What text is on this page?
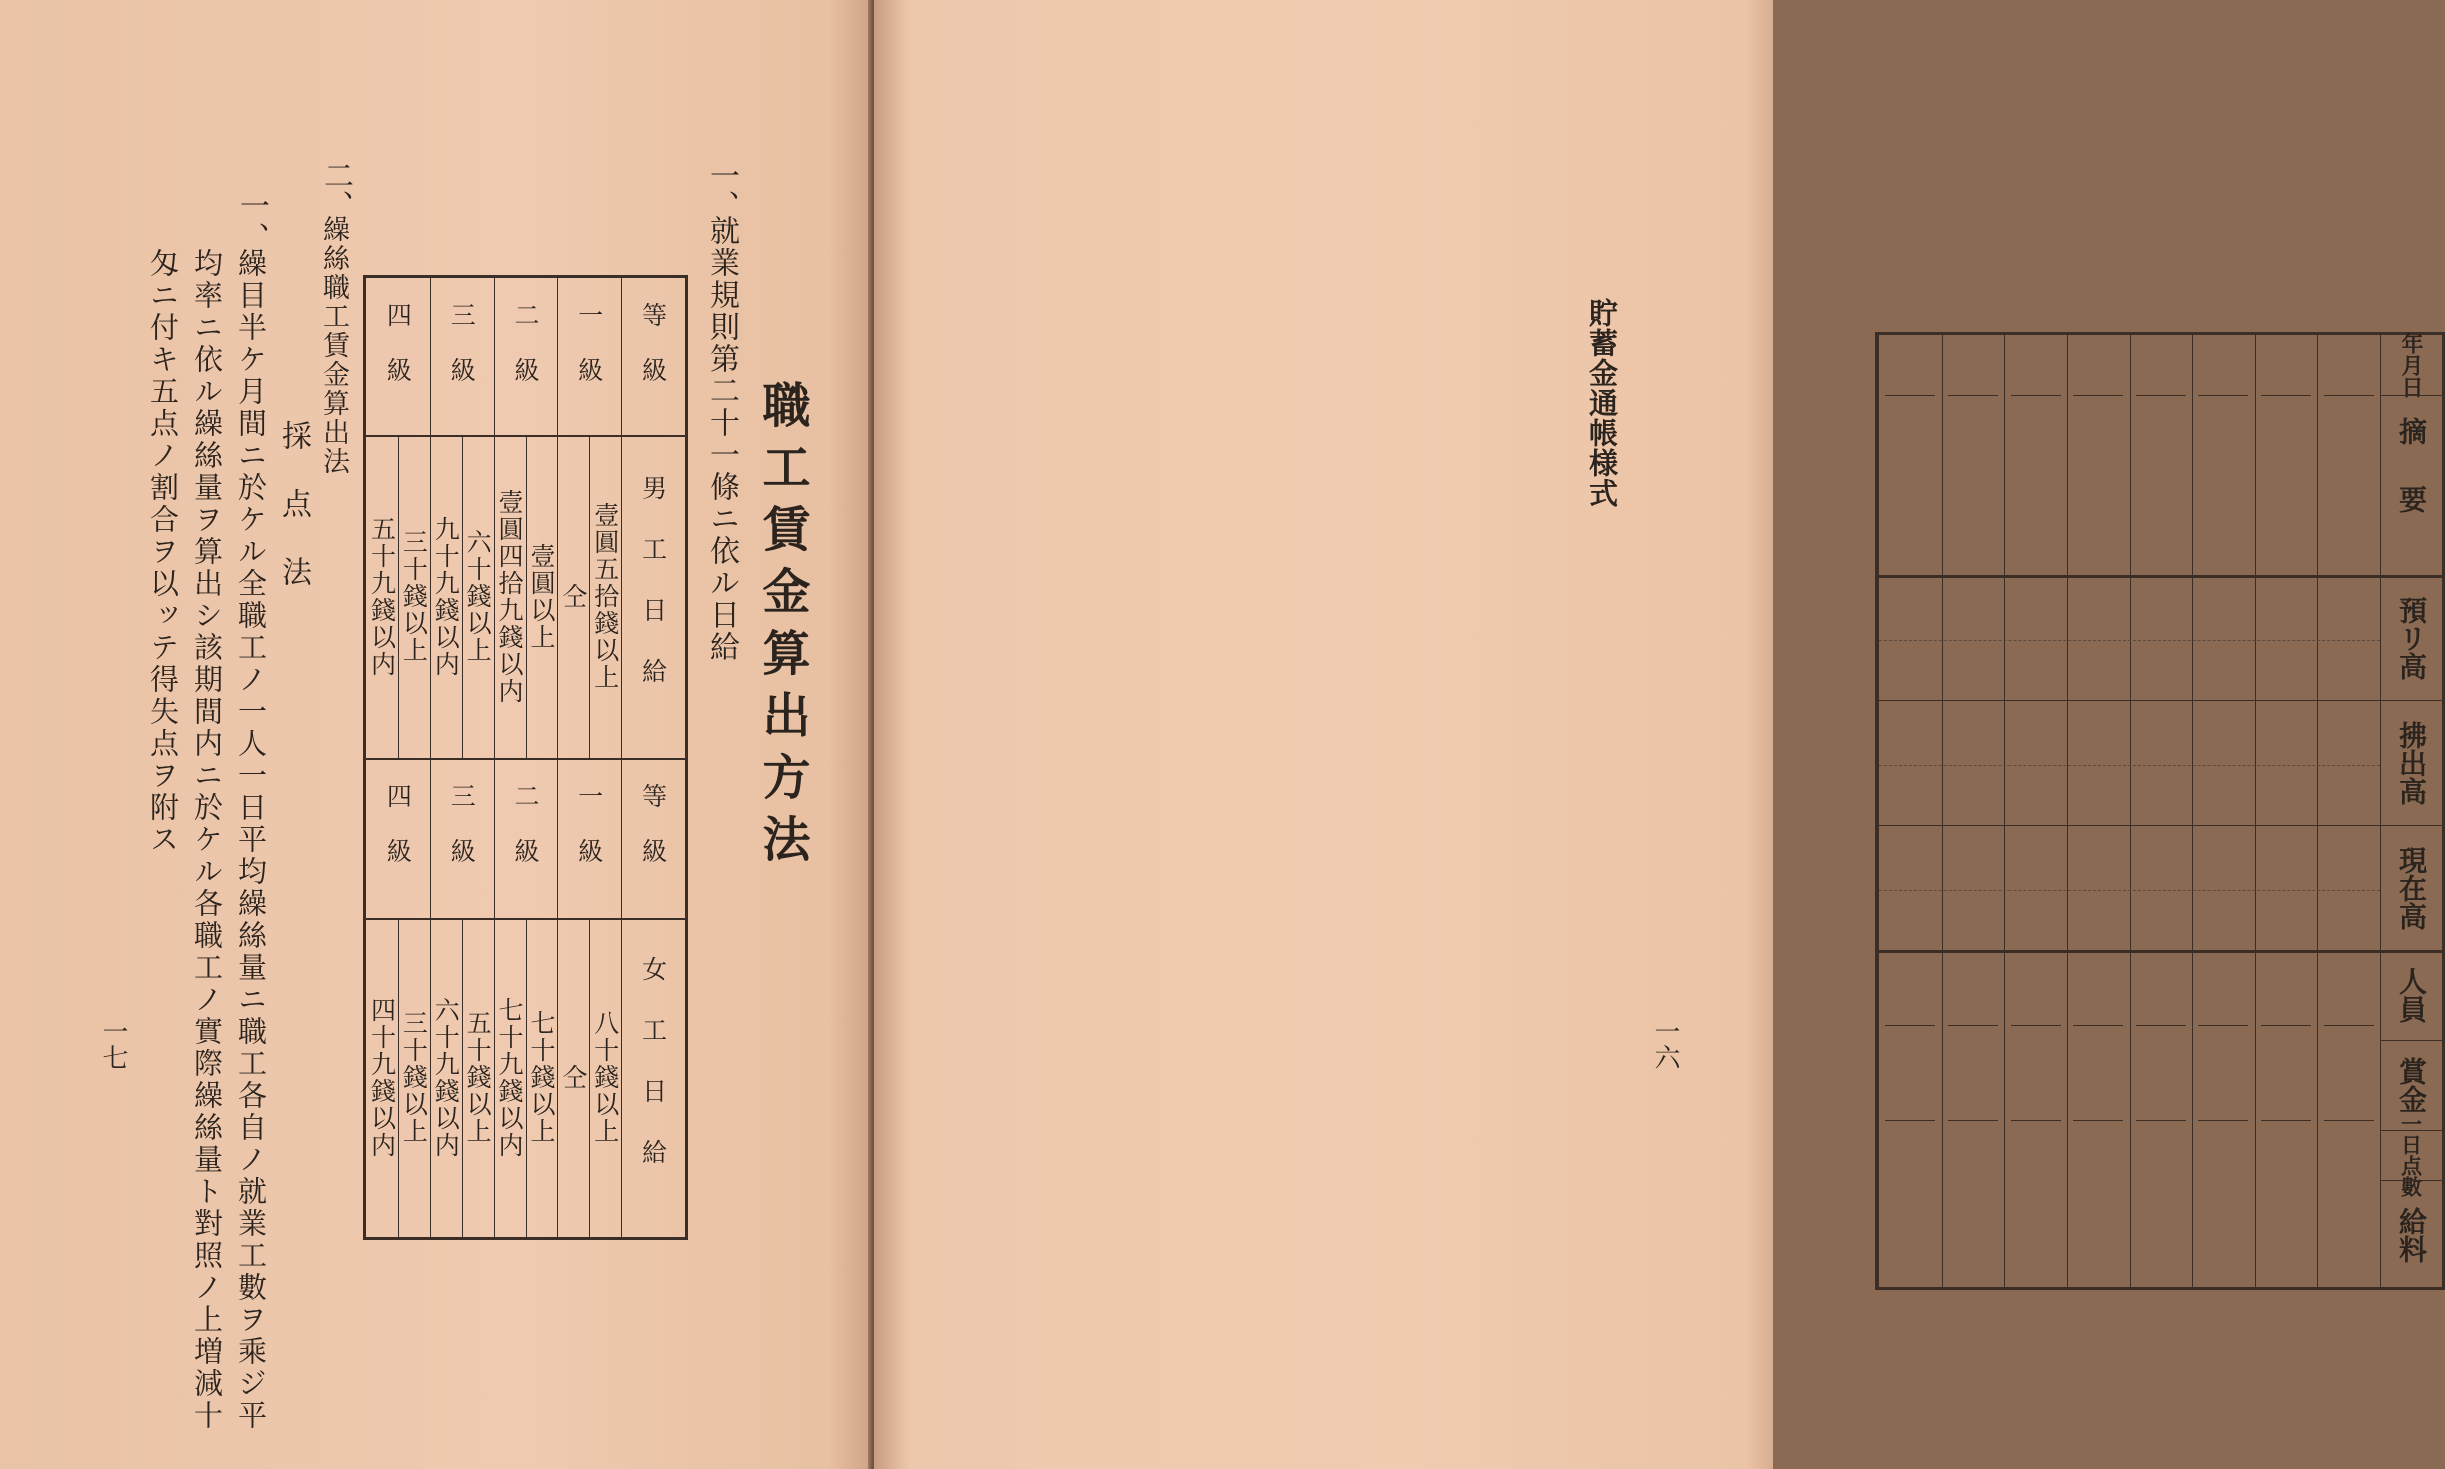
職工賃金算出方法
一、
就業規則第二十一條ニ依ル日給
等級
男工日給
等級
女工日給
一級
壹圓五拾錢以上
仝
二級
壹圓以上
壹圓四拾九錢以内
三級
六十錢以上
九十九錢以内
四級
三十錢以上
五十九錢以内
一級
八十錢以上
仝
二級
七十錢以上
七十九錢以内
三級
五十錢以上
六十九錢以内
四級
三十錢以上
四十九錢以内
二、
繰絲職工賃金算出法
採点法
一、
繰目半ケ月間ニ於ケル全職工ノ一人一日平均繰絲量ニ職工各自ノ就業工數ヲ乘ジ平
均率ニ依ル繰絲量ヲ算出シ該期間内ニ於ケル各職工ノ實際繰絲量ト對照ノ上増減十
匁ニ付キ五点ノ割合ヲ以ッテ得失点ヲ附ス
一七
貯蓄金通帳様式	年月日
摘要
預リ高
拂出高
現在高
人員
賞金
一日点數
給料
一六
